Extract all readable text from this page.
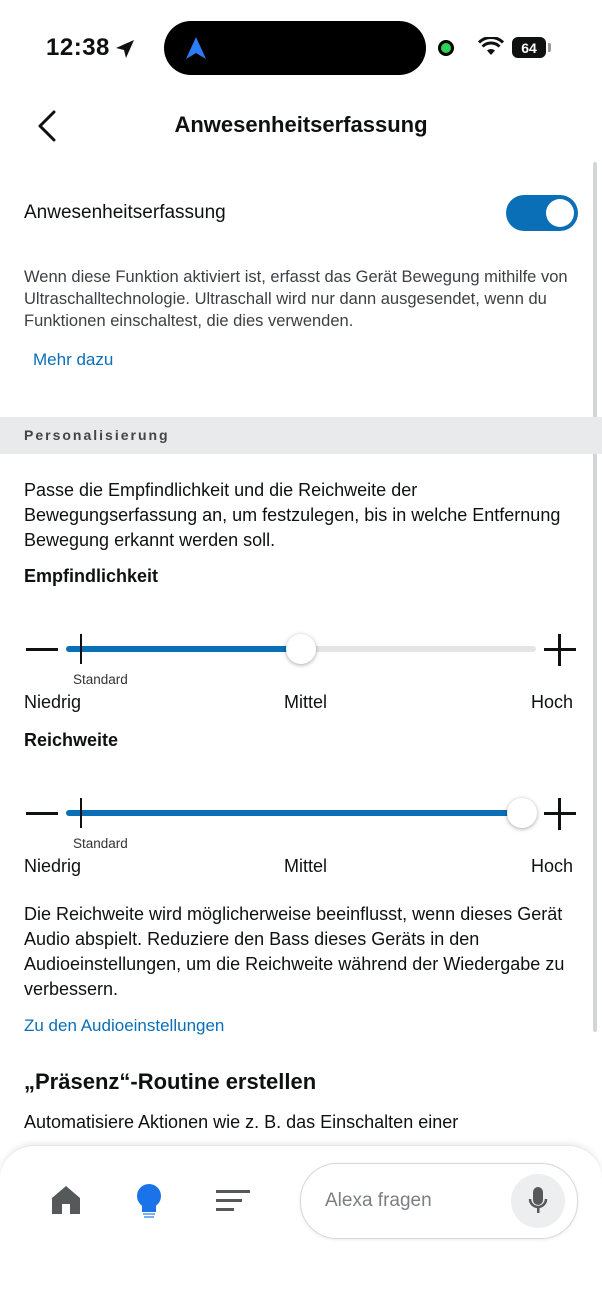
12:38	64
Anwesenheitserfassung
Anwesenheitserfassung
Wenn diese Funktion aktiviert ist, erfasst das Gerät Bewegung mithilfe von Ultraschalltechnologie. Ultraschall wird nur dann ausgesendet, wenn du Funktionen einschaltest, die dies verwenden.
Mehr dazu
Personalisierung
Passe die Empfindlichkeit und die Reichweite der Bewegungserfassung an, um festzulegen, bis in welche Entfernung Bewegung erkannt werden soll.
Empfindlichkeit
Standard
Niedrig	Mittel	Hoch
Reichweite
Standard
Niedrig	Mittel	Hoch
Die Reichweite wird möglicherweise beeinflusst, wenn dieses Gerät Audio abspielt. Reduziere den Bass dieses Geräts in den Audioeinstellungen, um die Reichweite während der Wiedergabe zu verbessern.
Zu den Audioeinstellungen
„Präsenz“-Routine erstellen
Automatisiere Aktionen wie z. B. das Einschalten einer
Alexa fragen
